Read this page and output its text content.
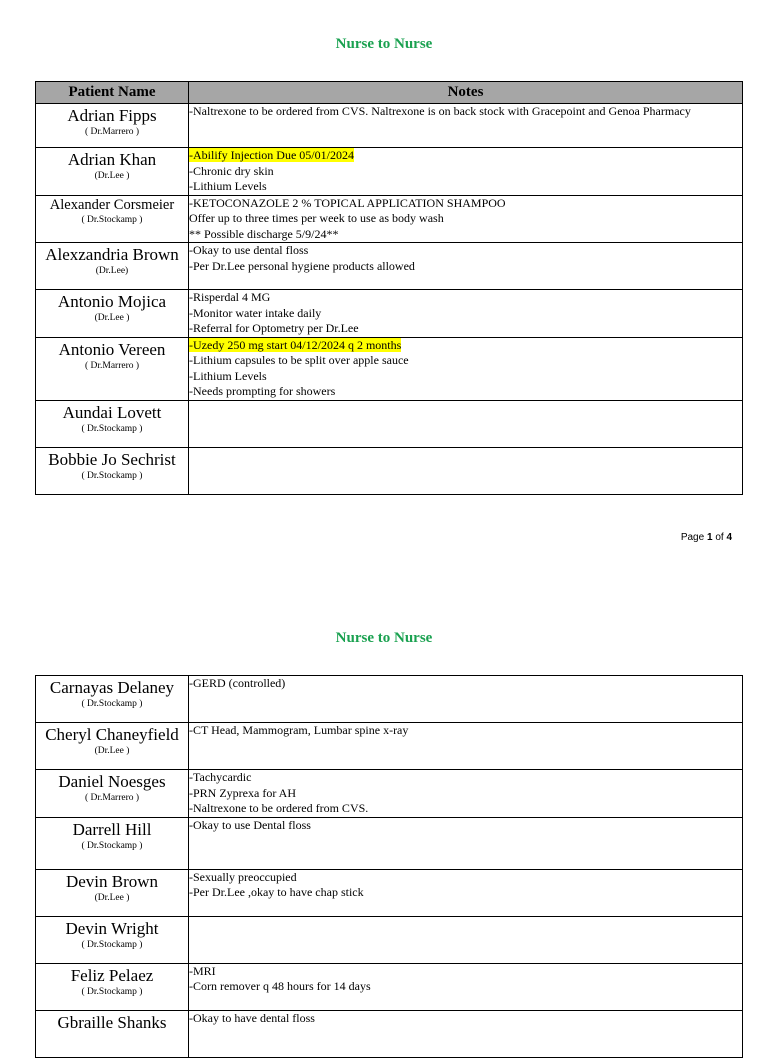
Nurse to Nurse
Patient Name	Notes

Adrian Fipps
( Dr.Marrero )	-Naltrexone to be ordered from CVS. Naltrexone is on back stock with Gracepoint and Genoa Pharmacy

Adrian Khan
(Dr.Lee )	-Abilify Injection Due 05/01/2024
-Chronic dry skin
-Lithium Levels

Alexander Corsmeier
( Dr.Stockamp )	-KETOCONAZOLE 2 % TOPICAL APPLICATION SHAMPOO
Offer up to three times per week to use as body wash
** Possible discharge 5/9/24**

Alexzandria Brown
(Dr.Lee)	-Okay to use dental floss
-Per Dr.Lee personal hygiene products allowed

Antonio Mojica
(Dr.Lee )	-Risperdal 4 MG
-Monitor water intake daily
-Referral for Optometry per Dr.Lee

Antonio Vereen
( Dr.Marrero )	-Uzedy 250 mg start 04/12/2024 q 2 months
-Lithium capsules to be split over apple sauce
-Lithium Levels
-Needs prompting for showers

Aundai Lovett
( Dr.Stockamp )	

Bobbie Jo Sechrist
( Dr.Stockamp )	

Page 1 of 4
Nurse to Nurse
Carnayas Delaney
( Dr.Stockamp )	-GERD (controlled)

Cheryl Chaneyfield
(Dr.Lee )	-CT Head, Mammogram, Lumbar spine x-ray

Daniel Noesges
( Dr.Marrero )	-Tachycardic
-PRN Zyprexa for AH
-Naltrexone to be ordered from CVS.

Darrell Hill
( Dr.Stockamp )	-Okay to use Dental floss

Devin Brown
(Dr.Lee )	-Sexually preoccupied
-Per Dr.Lee ,okay to have chap stick

Devin Wright
( Dr.Stockamp )	

Feliz Pelaez
( Dr.Stockamp )	-MRI
-Corn remover q 48 hours for 14 days

Gbraille Shanks	-Okay to have dental floss
